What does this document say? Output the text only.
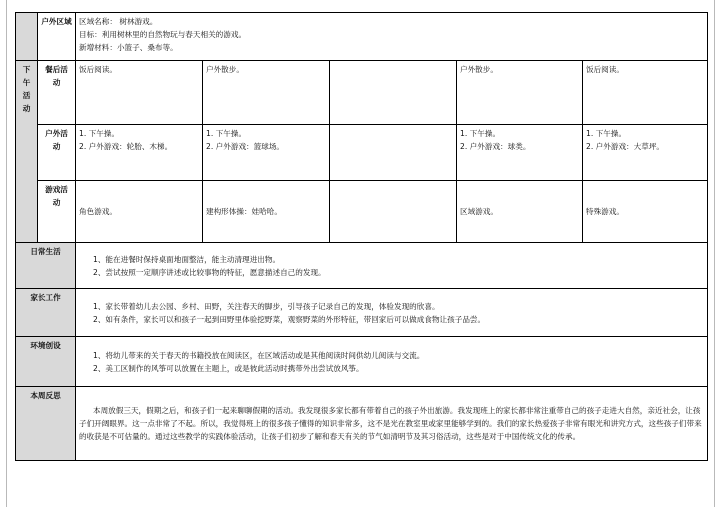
	户外区域	区域名称： 树林游戏。
目标：利用树林里的自然物玩与春天相关的游戏。
新增材料：小篮子、桑布等。				

下午活动	餐后活动	饭后阅读。	户外散步。		户外散步。	饭后阅读。

	户外活动	1. 下午操。
2. 户外游戏：轮胎、木梯。	1. 下午操。
2. 户外游戏：篮球场。		1. 下午操。
2. 户外游戏：球类。	1. 下午操。
2. 户外游戏：大草坪。

	游戏活动	角色游戏。	建构形体操：娃哈哈。		区域游戏。	特殊游戏。
日常生活		1、能在进餐时保持桌面地面整洁，能主动清理进出物。
2、尝试按照一定顺序讲述或比较事物的特征，愿意描述自己的发现。				

家长工作		1、家长带着幼儿去公园、乡村、田野，关注春天的脚步，引导孩子记录自己的发现，体验发现的欣喜。
2、如有条件，家长可以和孩子一起到田野里体验挖野菜，观察野菜的外形特征，带回家后可以做成食物让孩子品尝。				

环境创设		1、将幼儿带来的关于春天的书籍投放在阅读区，在区域活动或是其他阅读时间供幼儿阅读与交流。
2、美工区制作的风筝可以放置在主题上，或是彼此活动时携带外出尝试放风筝。				

本周反思		本周放假三天，假期之后，和孩子们一起来聊聊假期的活动。我发现很多家长都有带着自己的孩子外出旅游。我发现班上的家长都非常注重带自己的孩子走进大自然，亲近社会，让孩子们开阔眼界。这一点非常了不起。所以，我觉得班上的很多孩子懂得的知识非常多，这不是光在教室里或家里能够学到的。我们的家长热爱孩子非常有眼光和讲究方式，这些孩子们带来的收获是不可估量的。通过这些教学的实践体验活动，让孩子们初步了解和春天有关的节气如清明节及其习俗活动，这些是对于中国传统文化的传承。				
